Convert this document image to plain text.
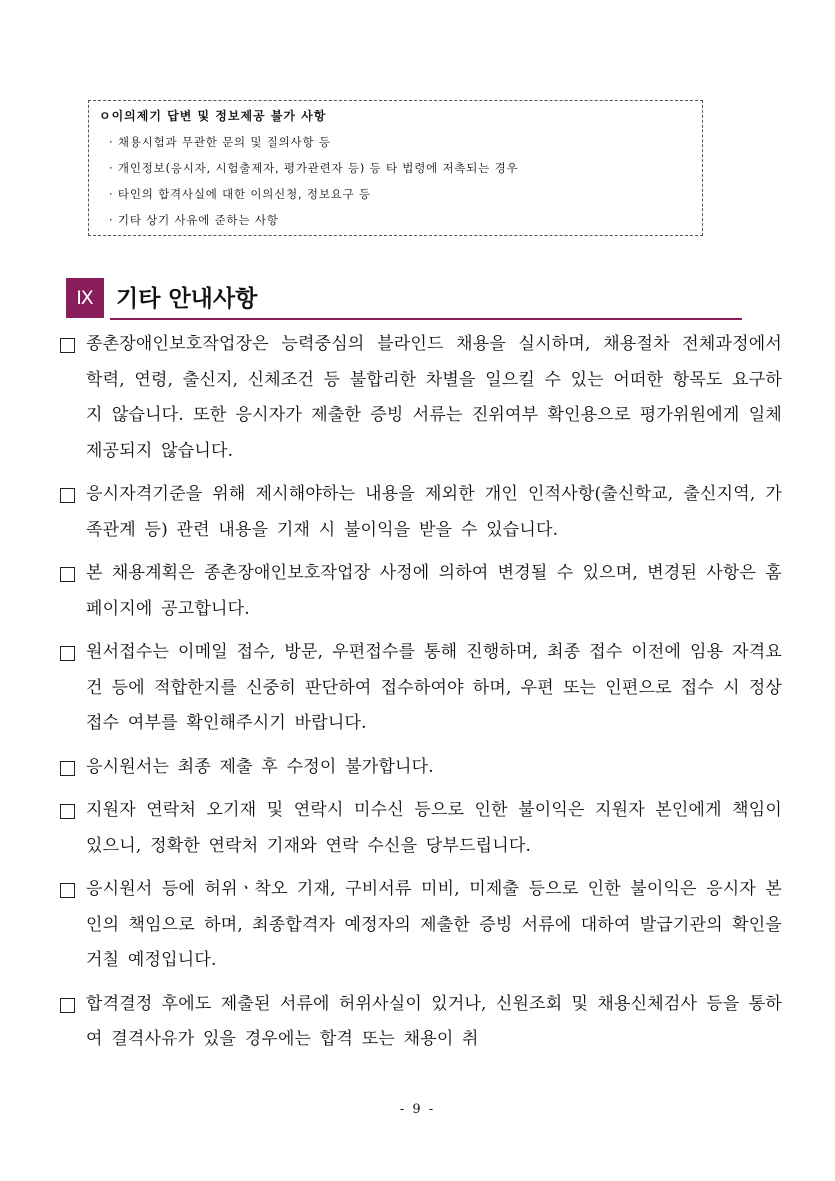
ㅇ이의제기 답변 및 정보제공 불가 사항
· 채용시험과 무관한 문의 및 질의사항 등
· 개인정보(응시자, 시험출제자, 평가관련자 등) 등 타 법령에 저촉되는 경우
· 타인의 합격사실에 대한 이의신청, 정보요구 등
· 기타 상기 사유에 준하는 사항
Ⅸ 기타 안내사항
종촌장애인보호작업장은 능력중심의 블라인드 채용을 실시하며, 채용절차 전체과정에서 학력, 연령, 출신지, 신체조건 등 불합리한 차별을 일으킬 수 있는 어떠한 항목도 요구하지 않습니다. 또한 응시자가 제출한 증빙 서류는 진위여부 확인용으로 평가위원에게 일체 제공되지 않습니다.
응시자격기준을 위해 제시해야하는 내용을 제외한 개인 인적사항(출신학교, 출신지역, 가족관계 등) 관련 내용을 기재 시 불이익을 받을 수 있습니다.
본 채용계획은 종촌장애인보호작업장 사정에 의하여 변경될 수 있으며, 변경된 사항은 홈페이지에 공고합니다.
원서접수는 이메일 접수, 방문, 우편접수를 통해 진행하며, 최종 접수 이전에 임용 자격요건 등에 적합한지를 신중히 판단하여 접수하여야 하며, 우편 또는 인편으로 접수 시 정상접수 여부를 확인해주시기 바랍니다.
응시원서는 최종 제출 후 수정이 불가합니다.
지원자 연락처 오기재 및 연락시 미수신 등으로 인한 불이익은 지원자 본인에게 책임이 있으니, 정확한 연락처 기재와 연락 수신을 당부드립니다.
응시원서 등에 허위ㆍ착오 기재, 구비서류 미비, 미제출 등으로 인한 불이익은 응시자 본인의 책임으로 하며, 최종합격자 예정자의 제출한 증빙 서류에 대하여 발급기관의 확인을 거칠 예정입니다.
합격결정 후에도 제출된 서류에 허위사실이 있거나, 신원조회 및 채용신체검사 등을 통하여 결격사유가 있을 경우에는 합격 또는 채용이 취
- 9 -
